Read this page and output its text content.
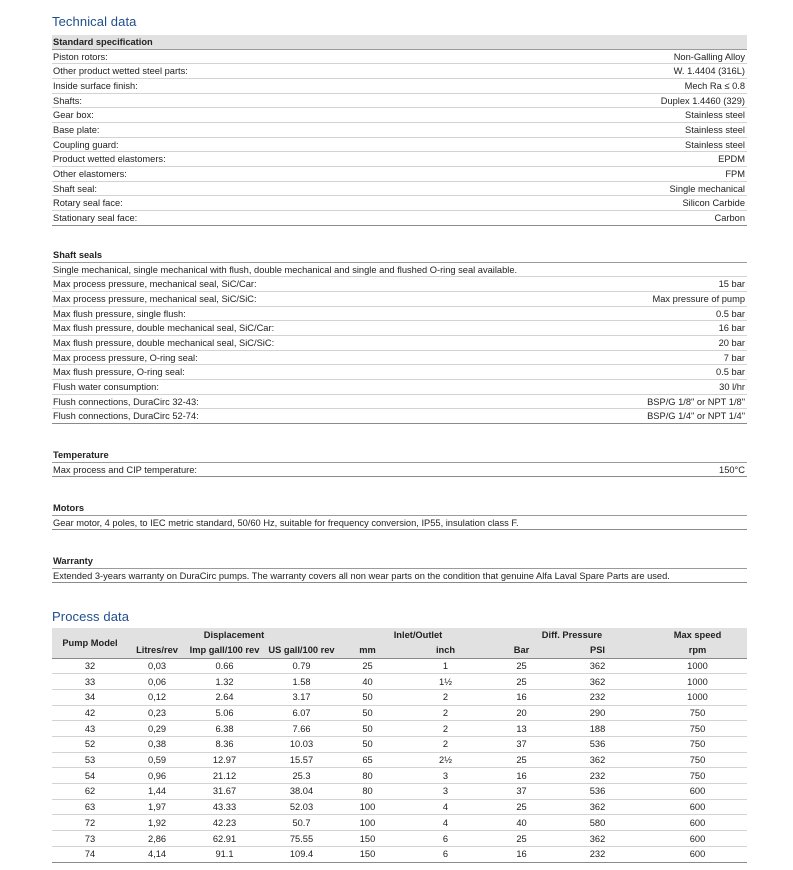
Technical data
Standard specification
Piston rotors:	Non-Galling Alloy
Other product wetted steel parts:	W. 1.4404 (316L)
Inside surface finish:	Mech Ra ≤ 0.8
Shafts:	Duplex 1.4460 (329)
Gear box:	Stainless steel
Base plate:	Stainless steel
Coupling guard:	Stainless steel
Product wetted elastomers:	EPDM
Other elastomers:	FPM
Shaft seal:	Single mechanical
Rotary seal face:	Silicon Carbide
Stationary seal face:	Carbon
Shaft seals
Single mechanical, single mechanical with flush, double mechanical and single and flushed O-ring seal available.
Max process pressure, mechanical seal, SiC/Car:	15 bar
Max process pressure, mechanical seal, SiC/SiC:	Max pressure of pump
Max flush pressure, single flush:	0.5 bar
Max flush pressure, double mechanical seal, SiC/Car:	16 bar
Max flush pressure, double mechanical seal, SiC/SiC:	20 bar
Max process pressure, O-ring seal:	7 bar
Max flush pressure, O-ring seal:	0.5 bar
Flush water consumption:	30 l/hr
Flush connections, DuraCirc 32-43:	BSP/G 1/8" or NPT 1/8"
Flush connections, DuraCirc 52-74:	BSP/G 1/4" or NPT 1/4"
Temperature
Max process and CIP temperature:	150°C
Motors
Gear motor, 4 poles, to IEC metric standard, 50/60 Hz, suitable for frequency conversion, IP55, insulation class F.
Warranty
Extended 3-years warranty on DuraCirc pumps. The warranty covers all non wear parts on the condition that genuine Alfa Laval Spare Parts are used.
Process data
Pump Model	Displacement			Inlet/Outlet		Diff. Pressure		Max speed
	Litres/rev	Imp gall/100 rev	US gall/100 rev	mm	inch	Bar	PSI	rpm
32	0,03	0.66	0.79	25	1	25	362	1000
33	0,06	1.32	1.58	40	1½	25	362	1000
34	0,12	2.64	3.17	50	2	16	232	1000
42	0,23	5.06	6.07	50	2	20	290	750
43	0,29	6.38	7.66	50	2	13	188	750
52	0,38	8.36	10.03	50	2	37	536	750
53	0,59	12.97	15.57	65	2½	25	362	750
54	0,96	21.12	25.3	80	3	16	232	750
62	1,44	31.67	38.04	80	3	37	536	600
63	1,97	43.33	52.03	100	4	25	362	600
72	1,92	42.23	50.7	100	4	40	580	600
73	2,86	62.91	75.55	150	6	25	362	600
74	4,14	91.1	109.4	150	6	16	232	600
